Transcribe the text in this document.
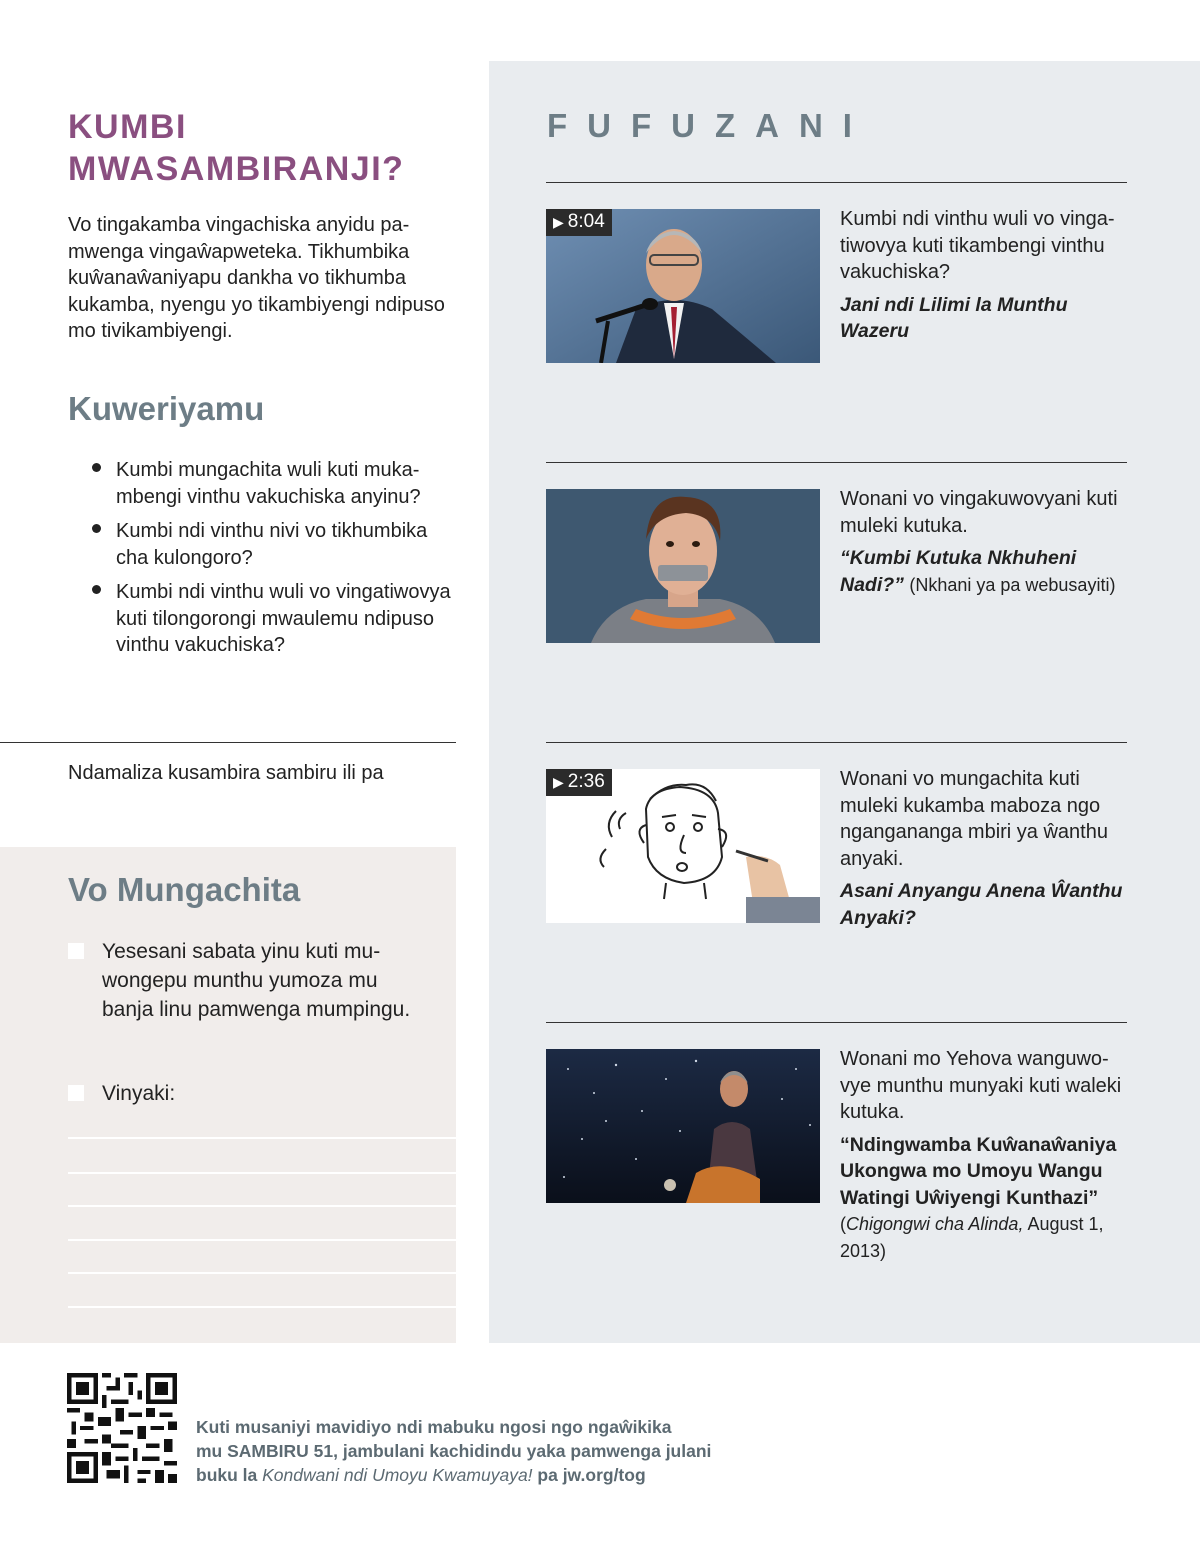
KUMBI MWASAMBIRANJI?

Vo tingakamba vingachiska anyidu pamwenga vingaŵapweteka. Tikhumbika kuŵanaŵaniyapu dankha vo tikhumba kukamba, nyengu yo tikambiyengi ndipuso mo tivikambiyengi.

Kuweriyamu
Kumbi mungachita wuli kuti mukambengi vinthu vakuchiska anyinu?
Kumbi ndi vinthu nivi vo tikhumbika cha kulongoro?
Kumbi ndi vinthu wuli vo vingatiwovya kuti tilongorongi mwaulemu ndipuso vinthu vakuchiska?

Ndamaliza kusambira sambiru ili pa

Vo Mungachita
Yesesani sabata yinu kuti muwongepu munthu yumoza mu banja linu pamwenga mumpingu.
Vinyaki:
FUFUZANI
▶ 8:04	Kumbi ndi vinthu wuli vo vingatiwovya kuti tikambengi vinthu vakuchiska?
Jani ndi Lilimi la Munthu Wazeru
Wonani vo vingakuwovyani kuti muleki kutuka.
“Kumbi Kutuka Nkhuheni Nadi?” (Nkhani ya pa webusayiti)
▶ 2:36	Wonani vo mungachita kuti muleki kukamba maboza ngo ngangananga mbiri ya ŵanthu anyaki.
Asani Anyangu Anena Ŵanthu Anyaki?
Wonani mo Yehova wanguwovye munthu munyaki kuti waleki kutuka.
“Ndingwamba Kuŵanaŵaniya Ukongwa mo Umoyu Wangu Watingi Uŵiyengi Kunthazi”
(Chigongwi cha Alinda, August 1, 2013)

Kuti musaniyi mavidiyo ndi mabuku ngosi ngo ngaŵikika
mu SAMBIRU 51, jambulani kachidindu yaka pamwenga julani
buku la Kondwani ndi Umoyu Kwamuyaya! pa jw.org/tog
